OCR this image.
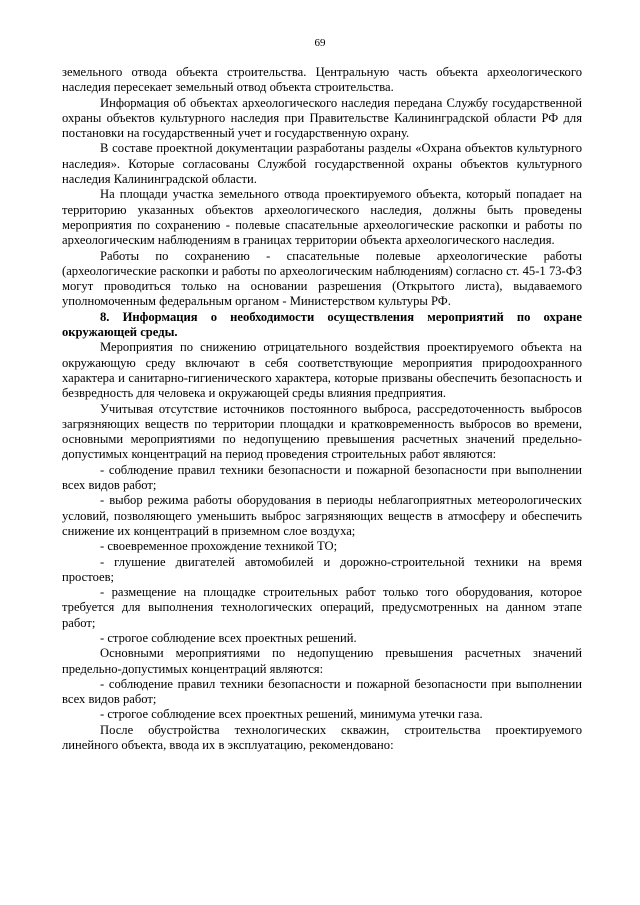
69

земельного отвода объекта строительства. Центральную часть объекта археологического наследия пересекает земельный отвод объекта строительства.

Информация об объектах археологического наследия передана Службу государственной охраны объектов культурного наследия при Правительстве Калининградской области РФ для постановки на государственный учет и государственную охрану.

В составе проектной документации разработаны разделы «Охрана объектов культурного наследия». Которые согласованы Службой государственной охраны объектов культурного наследия Калининградской области.

На площади участка земельного отвода проектируемого объекта, который попадает на территорию указанных объектов археологического наследия, должны быть проведены мероприятия по сохранению - полевые спасательные археологические раскопки и работы по археологическим наблюдениям в границах территории объекта археологического наследия.

Работы по сохранению - спасательные полевые археологические работы (археологические раскопки и работы по археологическим наблюдениям) согласно ст. 45-1 73-ФЗ могут проводиться только на основании разрешения (Открытого листа), выдаваемого уполномоченным федеральным органом - Министерством культуры РФ.

8. Информация о необходимости осуществления мероприятий по охране окружающей среды.

Мероприятия по снижению отрицательного воздействия проектируемого объекта на окружающую среду включают в себя соответствующие мероприятия природоохранного характера и санитарно-гигиенического характера, которые призваны обеспечить безопасность и безвредность для человека и окружающей среды влияния предприятия.

Учитывая отсутствие источников постоянного выброса, рассредоточенность выбросов загрязняющих веществ по территории площадки и кратковременность выбросов во времени, основными мероприятиями по недопущению превышения расчетных значений предельно-допустимых концентраций на период проведения строительных работ являются:

- соблюдение правил техники безопасности и пожарной безопасности при выполнении всех видов работ;

- выбор режима работы оборудования в периоды неблагоприятных метеорологических условий, позволяющего уменьшить выброс загрязняющих веществ в атмосферу и обеспечить снижение их концентраций в приземном слое воздуха;

- своевременное прохождение техникой ТО;

- глушение двигателей автомобилей и дорожно-строительной техники на время простоев;

- размещение на площадке строительных работ только того оборудования, которое требуется для выполнения технологических операций, предусмотренных на данном этапе работ;

- строгое соблюдение всех проектных решений.

Основными мероприятиями по недопущению превышения расчетных значений предельно-допустимых концентраций являются:

- соблюдение правил техники безопасности и пожарной безопасности при выполнении всех видов работ;

- строгое соблюдение всех проектных решений, минимума утечки газа.

После обустройства технологических скважин, строительства проектируемого линейного объекта, ввода их в эксплуатацию, рекомендовано:
